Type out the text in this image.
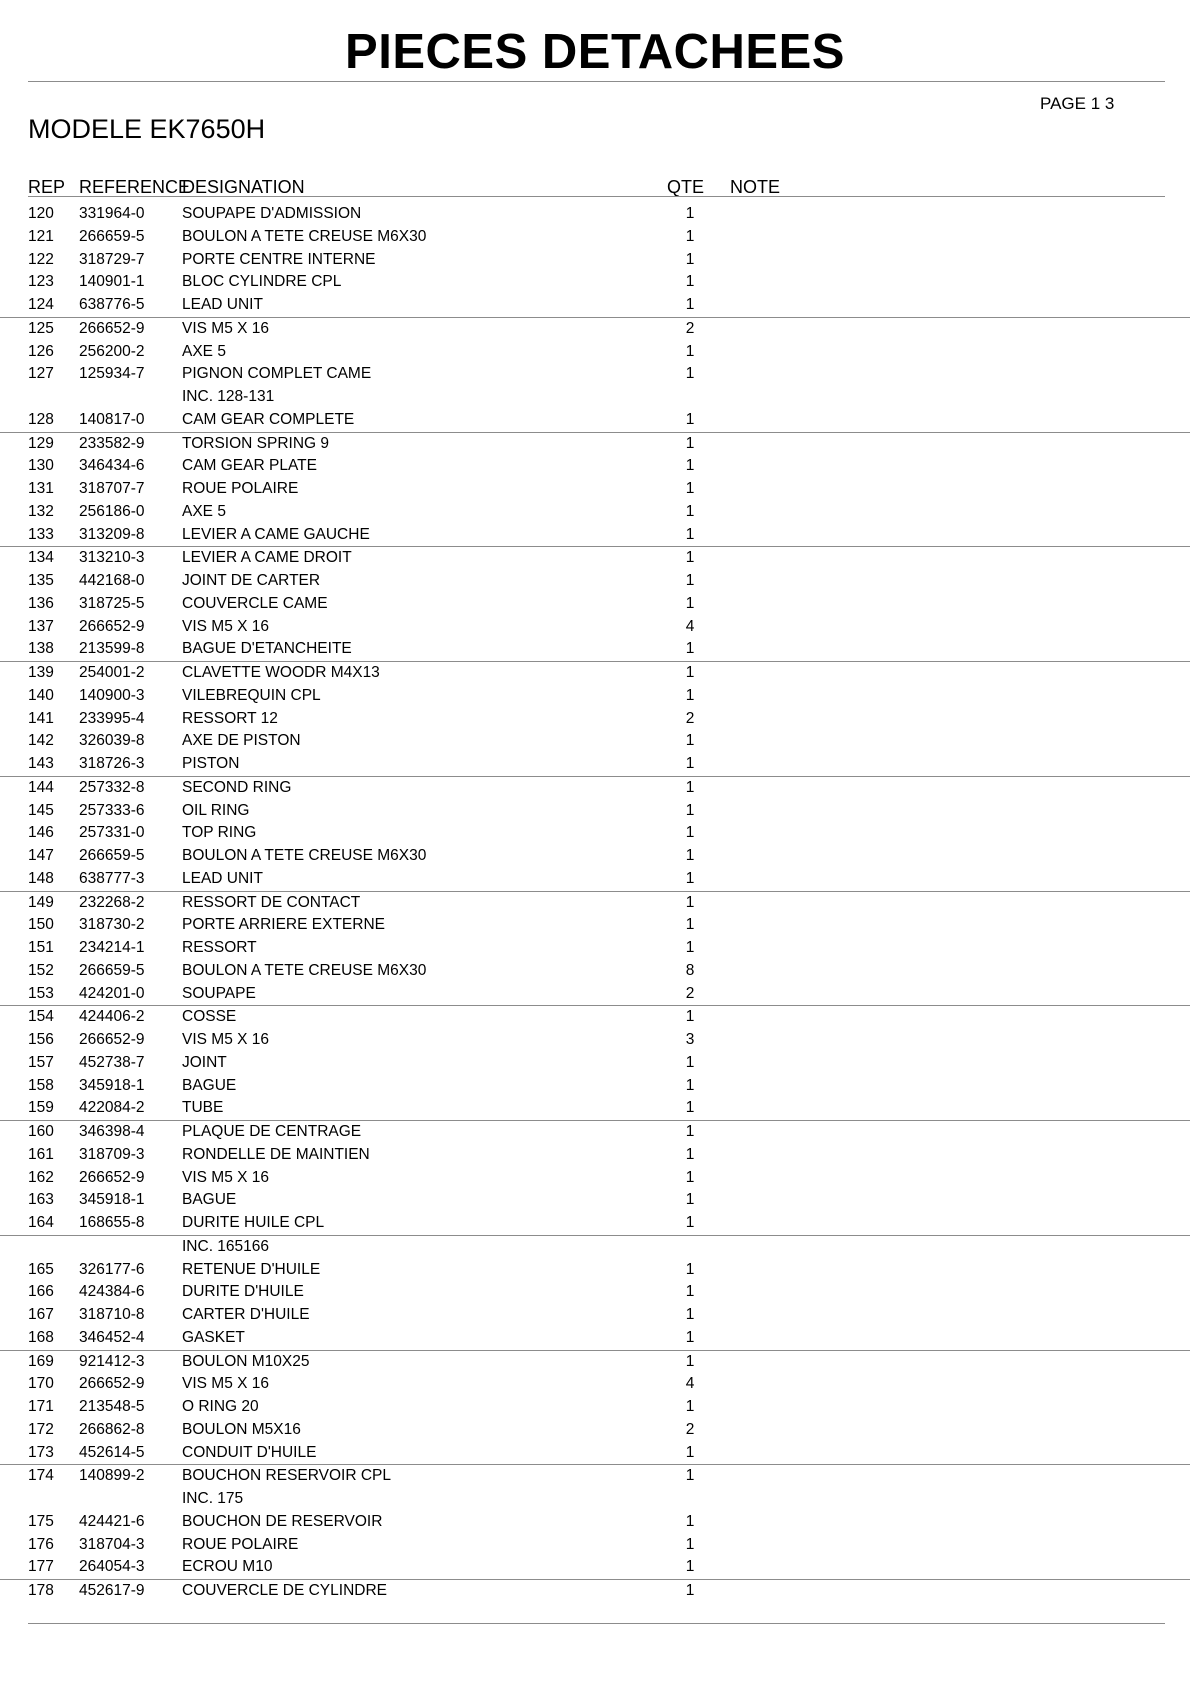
PIECES DETACHEES
PAGE 1 3
MODELE EK7650H
REP REFERENCE
DESIGNATION	QTE NOTE
120 331964-0 SOUPAPE D'ADMISSION	1
121 266659-5 BOULON A TETE CREUSE M6X30	1
122 318729-7 PORTE CENTRE INTERNE	1
123 140901-1 BLOC CYLINDRE CPL	1
124 638776-5 LEAD UNIT	1
125 266652-9 VIS M5 X 16	2
126 256200-2 AXE 5	1
127 125934-7 PIGNON COMPLET CAME	1
INC. 128-131
128 140817-0 CAM GEAR COMPLETE	1
129 233582-9 TORSION SPRING 9	1
130 346434-6 CAM GEAR PLATE	1
131 318707-7 ROUE POLAIRE	1
132 256186-0 AXE 5	1
133 313209-8 LEVIER A CAME GAUCHE	1
134 313210-3 LEVIER A CAME DROIT	1
135 442168-0 JOINT DE CARTER	1
136 318725-5 COUVERCLE CAME	1
137 266652-9 VIS M5 X 16	4
138 213599-8 BAGUE D'ETANCHEITE	1
139 254001-2 CLAVETTE WOODR M4X13	1
140 140900-3 VILEBREQUIN CPL	1
141 233995-4 RESSORT 12	2
142 326039-8 AXE DE PISTON	1
143 318726-3 PISTON	1
144 257332-8 SECOND RING	1
145 257333-6 OIL RING	1
146 257331-0 TOP RING	1
147 266659-5 BOULON A TETE CREUSE M6X30	1
148 638777-3 LEAD UNIT	1
149 232268-2 RESSORT DE CONTACT	1
150 318730-2 PORTE ARRIERE EXTERNE	1
151 234214-1 RESSORT	1
152 266659-5 BOULON A TETE CREUSE M6X30	8
153 424201-0 SOUPAPE	2
154 424406-2 COSSE	1
156 266652-9 VIS M5 X 16	3
157 452738-7 JOINT	1
158 345918-1 BAGUE	1
159 422084-2 TUBE	1
160 346398-4 PLAQUE DE CENTRAGE	1
161 318709-3 RONDELLE DE MAINTIEN	1
162 266652-9 VIS M5 X 16	1
163 345918-1 BAGUE	1
164 168655-8 DURITE HUILE CPL	1
INC. 165166
165 326177-6 RETENUE D'HUILE	1
166 424384-6 DURITE D'HUILE	1
167 318710-8 CARTER D'HUILE	1
168 346452-4 GASKET	1
169 921412-3 BOULON M10X25	1
170 266652-9 VIS M5 X 16	4
171 213548-5 O RING 20	1
172 266862-8 BOULON M5X16	2
173 452614-5 CONDUIT D'HUILE	1
174 140899-2 BOUCHON RESERVOIR CPL	1
INC. 175
175 424421-6 BOUCHON DE RESERVOIR	1
176 318704-3 ROUE POLAIRE	1
177 264054-3 ECROU M10	1
178 452617-9 COUVERCLE DE CYLINDRE	1
